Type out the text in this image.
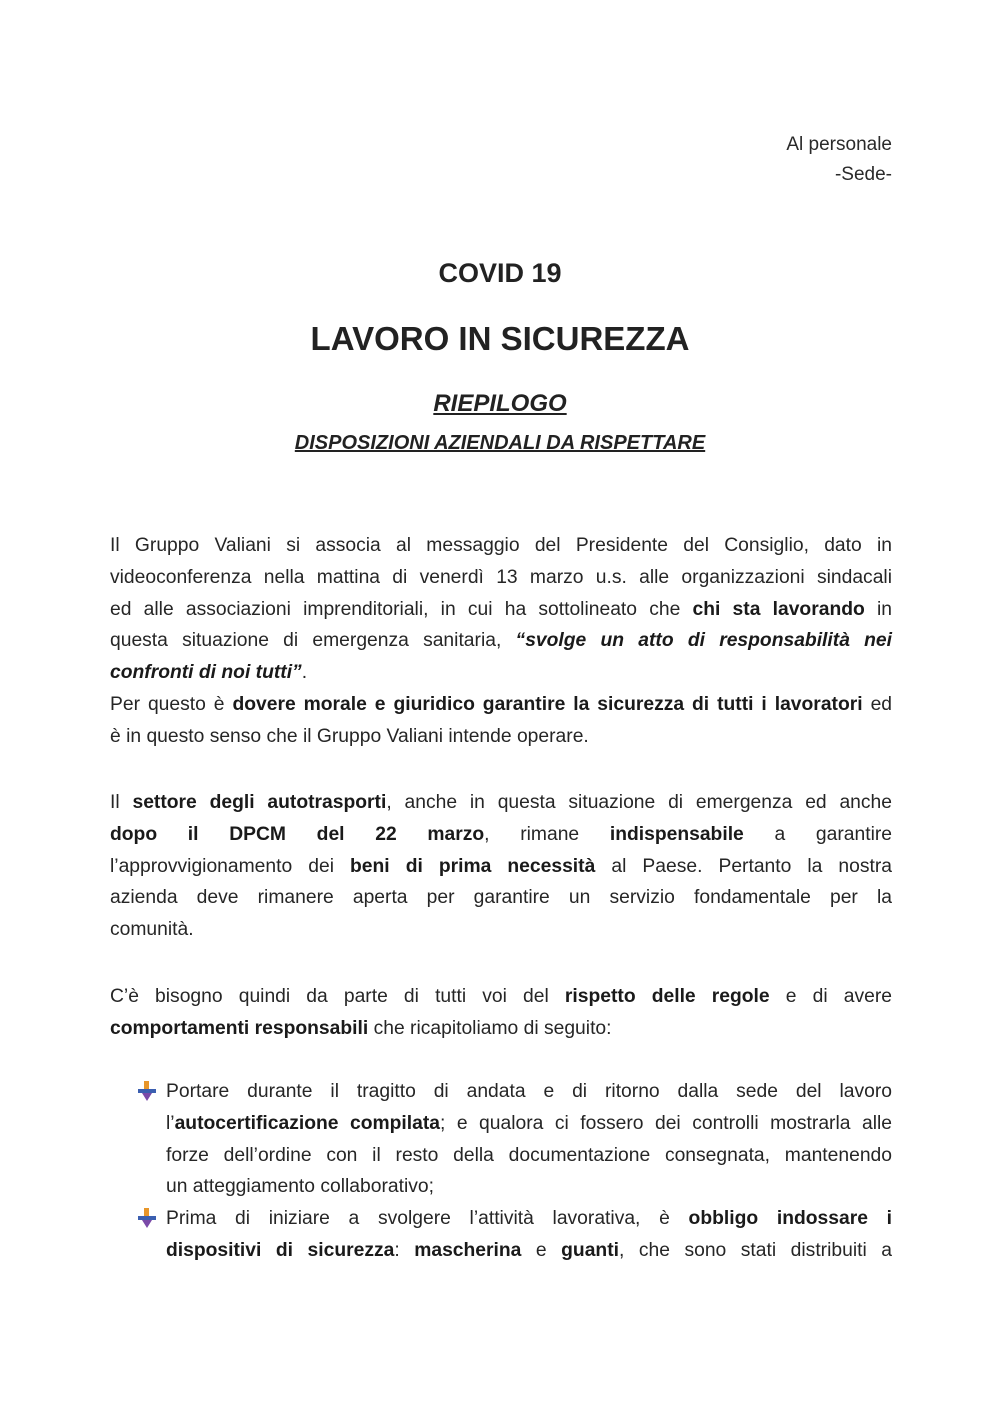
Al personale
-Sede-
COVID 19
LAVORO IN SICUREZZA
RIEPILOGO
DISPOSIZIONI AZIENDALI DA RISPETTARE
Il Gruppo Valiani si associa al messaggio del Presidente del Consiglio, dato in
videoconferenza nella mattina di venerdì 13 marzo u.s. alle organizzazioni sindacali
ed alle associazioni imprenditoriali, in cui ha sottolineato che chi sta lavorando in
questa situazione di emergenza sanitaria, “svolge un atto di responsabilità nei
confronti di noi tutti”.
Per questo è dovere morale e giuridico garantire la sicurezza di tutti i lavoratori ed
è in questo senso che il Gruppo Valiani intende operare.
Il settore degli autotrasporti, anche in questa situazione di emergenza ed anche
dopo   il   DPCM   del   22   marzo,   rimane indispensabile a   garantire
l’approvvigionamento dei beni di prima necessità al Paese. Pertanto la nostra
azienda deve rimanere aperta per garantire un servizio fondamentale per la
comunità.
C’è bisogno quindi da parte di tutti voi del rispetto delle regole e di avere
comportamenti responsabili che ricapitoliamo di seguito:
Portare durante il tragitto di andata e di ritorno dalla sede del lavoro
l’autocertificazione compilata; e qualora ci fossero dei controlli mostrarla alle
forze dell’ordine con il resto della documentazione consegnata, mantenendo
un atteggiamento collaborativo;
Prima di iniziare a svolgere l’attività lavorativa, è obbligo indossare i
dispositivi di sicurezza: mascherina e guanti, che sono stati distribuiti a
